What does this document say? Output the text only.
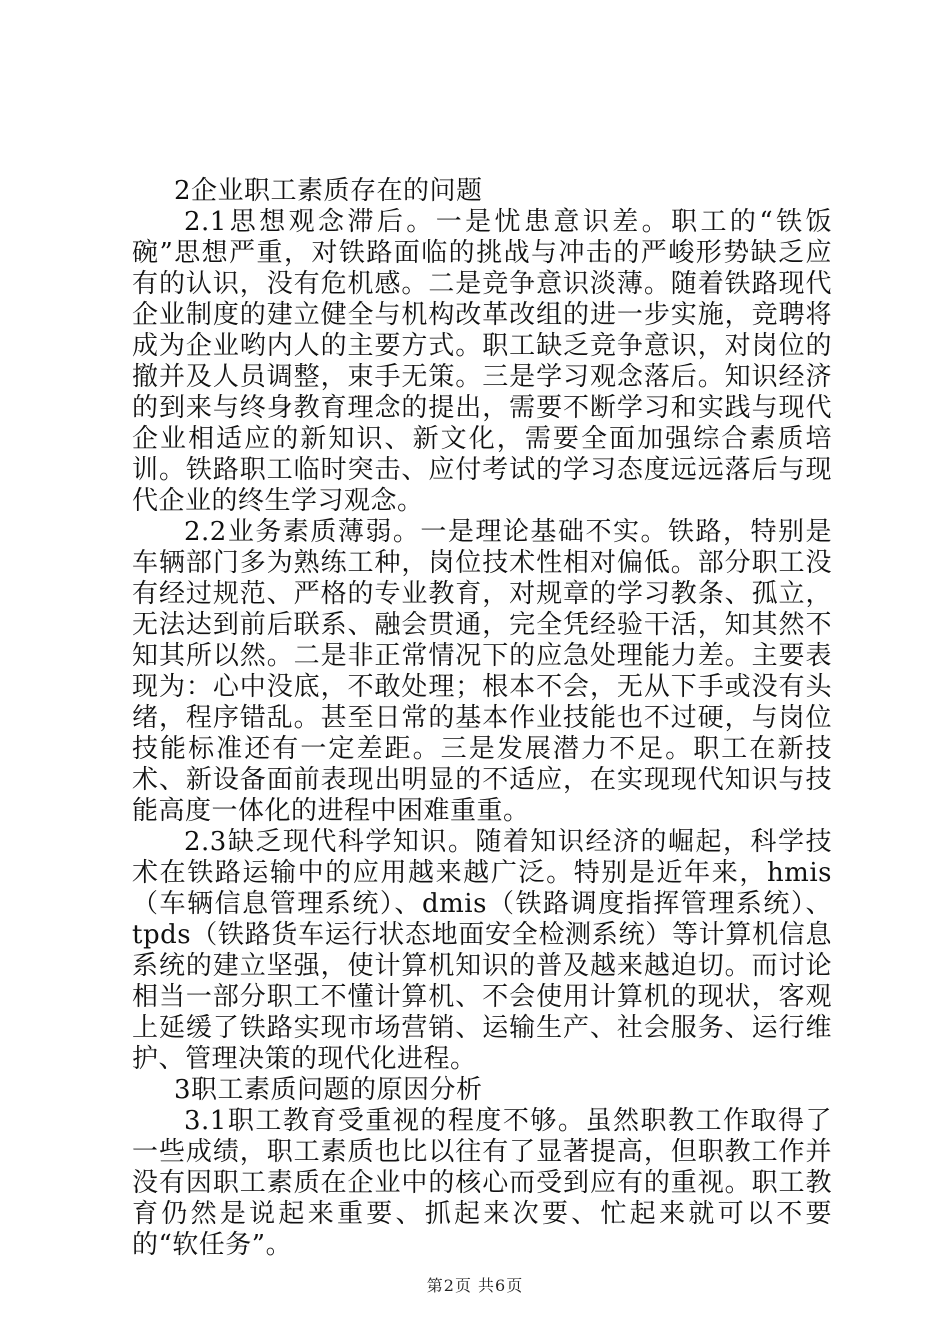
2企业职工素质存在的问题

2.1思想观念滞后。一是忧患意识差。职工的“铁饭碗”思想严重，对铁路面临的挑战与冲击的严峻形势缺乏应有的认识，没有危机感。二是竞争意识淡薄。随着铁路现代企业制度的建立健全与机构改革改组的进一步实施，竞聘将成为企业哟内人的主要方式。职工缺乏竞争意识，对岗位的撤并及人员调整，束手无策。三是学习观念落后。知识经济的到来与终身教育理念的提出，需要不断学习和实践与现代企业相适应的新知识、新文化，需要全面加强综合素质培训。铁路职工临时突击、应付考试的学习态度远远落后与现代企业的终生学习观念。

2.2业务素质薄弱。一是理论基础不实。铁路，特别是车辆部门多为熟练工种，岗位技术性相对偏低。部分职工没有经过规范、严格的专业教育，对规章的学习教条、孤立，无法达到前后联系、融会贯通，完全凭经验干活，知其然不知其所以然。二是非正常情况下的应急处理能力差。主要表现为：心中没底，不敢处理；根本不会，无从下手或没有头绪，程序错乱。甚至日常的基本作业技能也不过硬，与岗位技能标准还有一定差距。三是发展潜力不足。职工在新技术、新设备面前表现出明显的不适应，在实现现代知识与技能高度一体化的进程中困难重重。

2.3缺乏现代科学知识。随着知识经济的崛起，科学技术在铁路运输中的应用越来越广泛。特别是近年来，hmis（车辆信息管理系统）、dmis（铁路调度指挥管理系统）、tpds（铁路货车运行状态地面安全检测系统）等计算机信息系统的建立坚强，使计算机知识的普及越来越迫切。而讨论相当一部分职工不懂计算机、不会使用计算机的现状，客观上延缓了铁路实现市场营销、运输生产、社会服务、运行维护、管理决策的现代化进程。

3职工素质问题的原因分析

3.1职工教育受重视的程度不够。虽然职教工作取得了一些成绩，职工素质也比以往有了显著提高，但职教工作并没有因职工素质在企业中的核心而受到应有的重视。职工教育仍然是说起来重要、抓起来次要、忙起来就可以不要的“软任务”。

第2页 共6页
